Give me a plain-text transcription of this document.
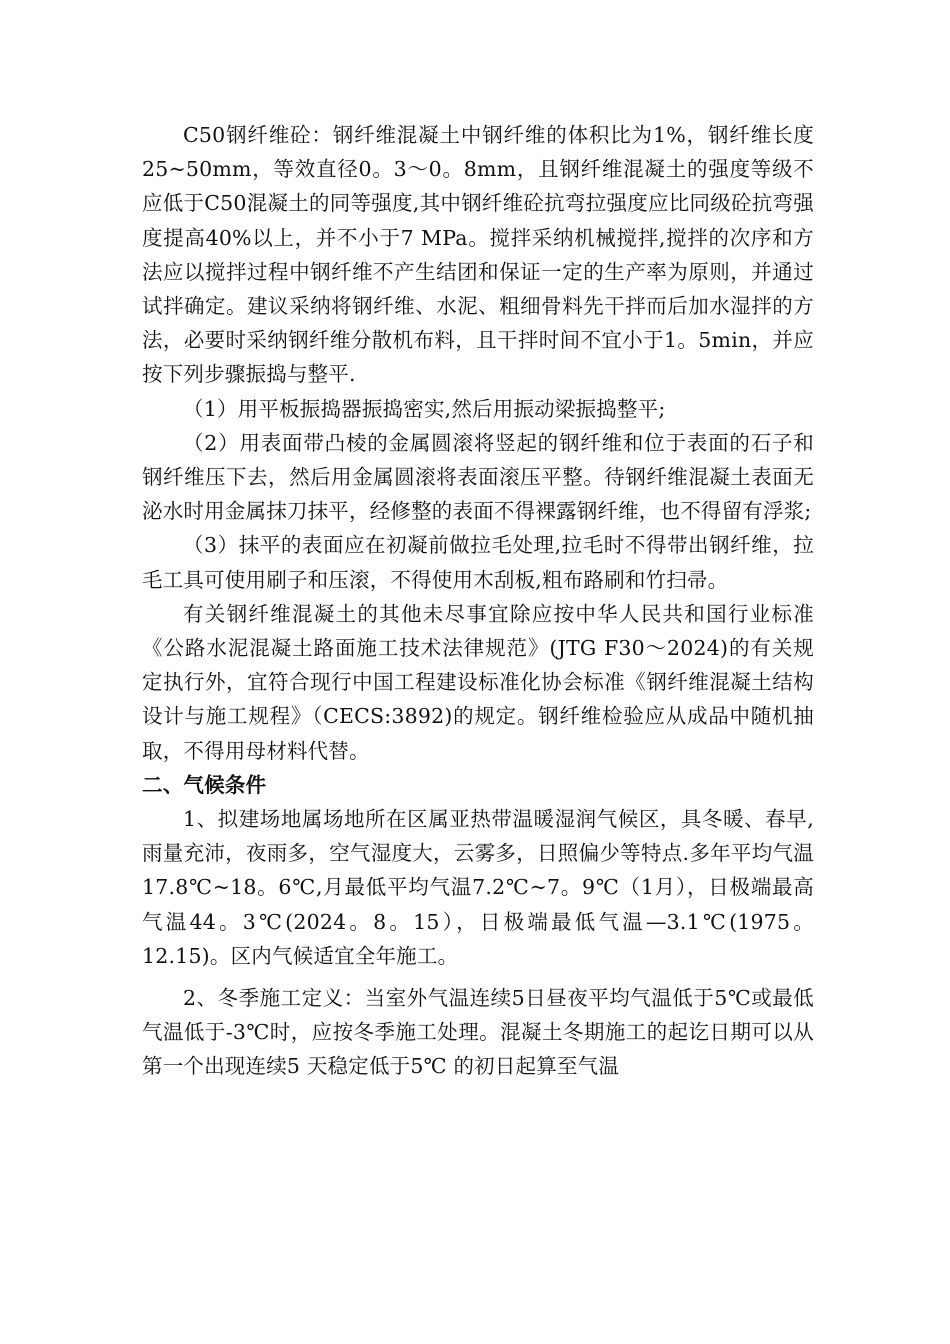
C50钢纤维砼：钢纤维混凝土中钢纤维的体积比为1%，钢纤维长度25~50mm，等效直径0。3～0。8mm，且钢纤维混凝土的强度等级不应低于C50混凝土的同等强度,其中钢纤维砼抗弯拉强度应比同级砼抗弯强度提高40%以上，并不小于7 MPa。搅拌采纳机械搅拌,搅拌的次序和方法应以搅拌过程中钢纤维不产生结团和保证一定的生产率为原则，并通过试拌确定。建议采纳将钢纤维、水泥、粗细骨料先干拌而后加水湿拌的方法，必要时采纳钢纤维分散机布料，且干拌时间不宜小于1。5min，并应按下列步骤振捣与整平.

（1）用平板振捣器振捣密实,然后用振动梁振捣整平;

（2）用表面带凸棱的金属圆滚将竖起的钢纤维和位于表面的石子和钢纤维压下去，然后用金属圆滚将表面滚压平整。待钢纤维混凝土表面无泌水时用金属抹刀抹平，经修整的表面不得裸露钢纤维，也不得留有浮浆;

（3）抹平的表面应在初凝前做拉毛处理,拉毛时不得带出钢纤维，拉毛工具可使用刷子和压滚，不得使用木刮板,粗布路刷和竹扫帚。

有关钢纤维混凝土的其他未尽事宜除应按中华人民共和国行业标准《公路水泥混凝土路面施工技术法律规范》(JTG F30～2024)的有关规定执行外，宜符合现行中国工程建设标准化协会标准《钢纤维混凝土结构设计与施工规程》（CECS:3892)的规定。钢纤维检验应从成品中随机抽取，不得用母材料代替。

二、气候条件

1、拟建场地属场地所在区属亚热带温暖湿润气候区，具冬暖、春早,雨量充沛，夜雨多，空气湿度大，云雾多，日照偏少等特点.多年平均气温17.8℃~18。6℃,月最低平均气温7.2℃~7。9℃（1月），日极端最高气温44。3℃(2024。8。15），日极端最低气温—3.1℃(1975。12.15)。区内气候适宜全年施工。

2、冬季施工定义：当室外气温连续5日昼夜平均气温低于5℃或最低气温低于-3℃时，应按冬季施工处理。混凝土冬期施工的起讫日期可以从第一个出现连续5 天稳定低于5℃ 的初日起算至气温
